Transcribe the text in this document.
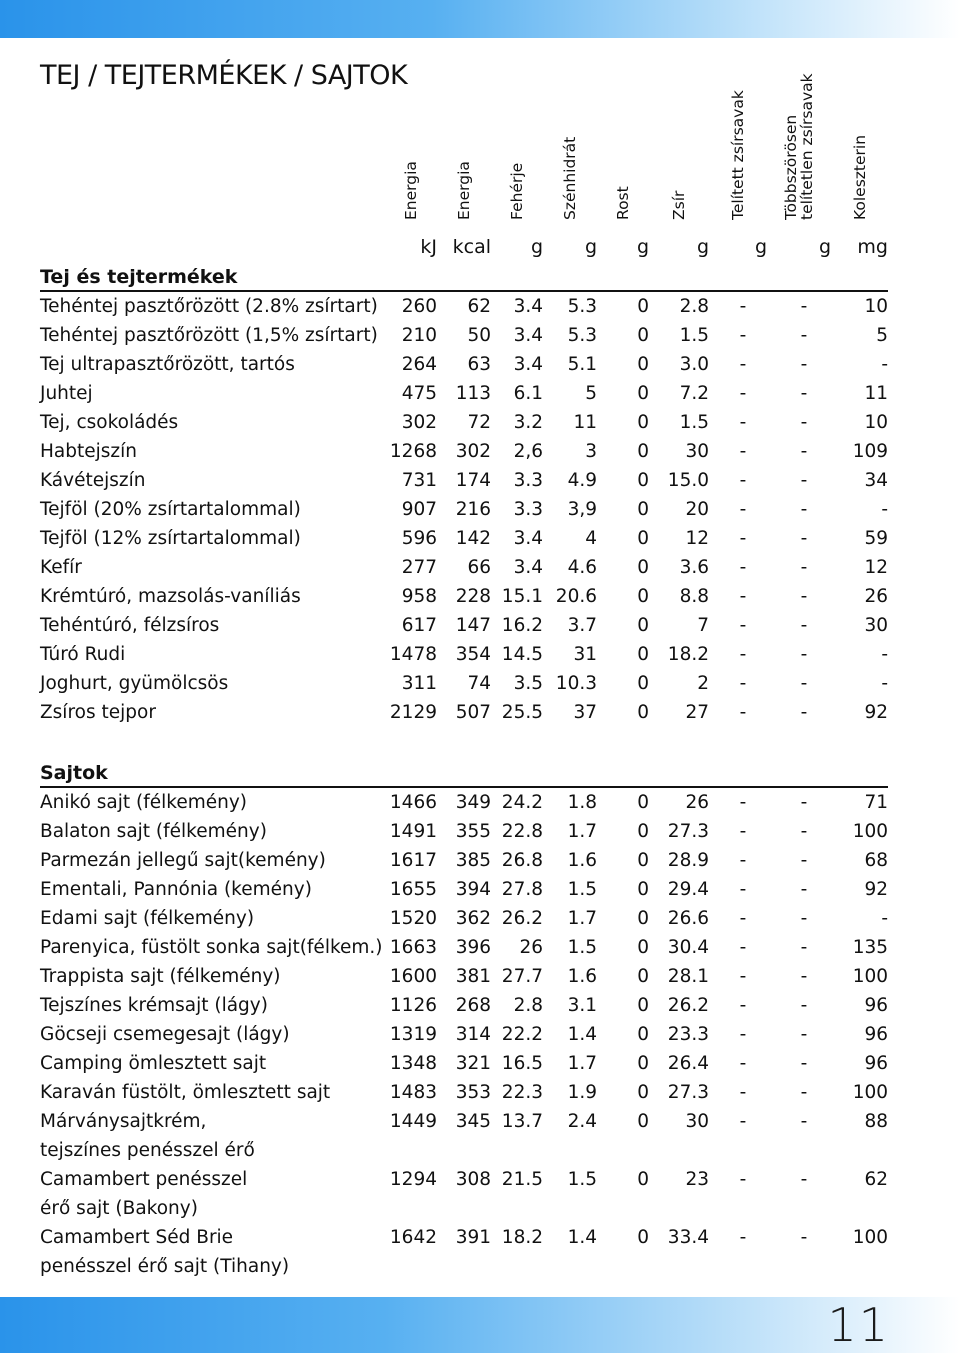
TEJ / TEJTERMÉKEK / SAJTOK

	Energia	Energia	Fehérje	Szénhidrát	Rost	Zsír	Telített zsírsavak	Többszörösen
telítetlen zsírsavak	Koleszterin

	kJ	kcal	g	g	g	g	g	g	mg
Tej és tejtermékek									
Tehéntej pasztőrözött (2.8% zsírtart)	260	62	3.4	5.3	0	2.8	-	-	10
Tehéntej pasztőrözött (1,5% zsírtart)	210	50	3.4	5.3	0	1.5	-	-	5
Tej ultrapasztőrözött, tartós	264	63	3.4	5.1	0	3.0	-	-	-
Juhtej	475	113	6.1	5	0	7.2	-	-	11
Tej, csokoládés	302	72	3.2	11	0	1.5	-	-	10
Habtejszín	1268	302	2,6	3	0	30	-	-	109
Kávétejszín	731	174	3.3	4.9	0	15.0	-	-	34
Tejföl (20% zsírtartalommal)	907	216	3.3	3,9	0	20	-	-	-
Tejföl (12% zsírtartalommal)	596	142	3.4	4	0	12	-	-	59
Kefír	277	66	3.4	4.6	0	3.6	-	-	12
Krémtúró, mazsolás-vaníliás	958	228	15.1	20.6	0	8.8	-	-	26
Tehéntúró, félzsíros	617	147	16.2	3.7	0	7	-	-	30
Túró Rudi	1478	354	14.5	31	0	18.2	-	-	-
Joghurt, gyümölcsös	311	74	3.5	10.3	0	2	-	-	-
Zsíros tejpor	2129	507	25.5	37	0	27	-	-	92

Sajtok									
Anikó sajt (félkemény)	1466	349	24.2	1.8	0	26	-	-	71
Balaton sajt (félkemény)	1491	355	22.8	1.7	0	27.3	-	-	100
Parmezán jellegű sajt(kemény)	1617	385	26.8	1.6	0	28.9	-	-	68
Ementali, Pannónia (kemény)	1655	394	27.8	1.5	0	29.4	-	-	92
Edami sajt (félkemény)	1520	362	26.2	1.7	0	26.6	-	-	-
Parenyica, füstölt sonka sajt(félkem.)	1663	396	26	1.5	0	30.4	-	-	135
Trappista sajt (félkemény)	1600	381	27.7	1.6	0	28.1	-	-	100
Tejszínes krémsajt (lágy)	1126	268	2.8	3.1	0	26.2	-	-	96
Göcseji csemegesajt (lágy)	1319	314	22.2	1.4	0	23.3	-	-	96
Camping ömlesztett sajt	1348	321	16.5	1.7	0	26.4	-	-	96
Karaván füstölt, ömlesztett sajt	1483	353	22.3	1.9	0	27.3	-	-	100
Márványsajtkrém,	1449	345	13.7	2.4	0	30	-	-	88
tejszínes penésszel érő									
Camambert penésszel	1294	308	21.5	1.5	0	23	-	-	62
érő sajt (Bakony)									
Camambert Séd Brie	1642	391	18.2	1.4	0	33.4	-	-	100
penésszel érő sajt (Tihany)									
11
